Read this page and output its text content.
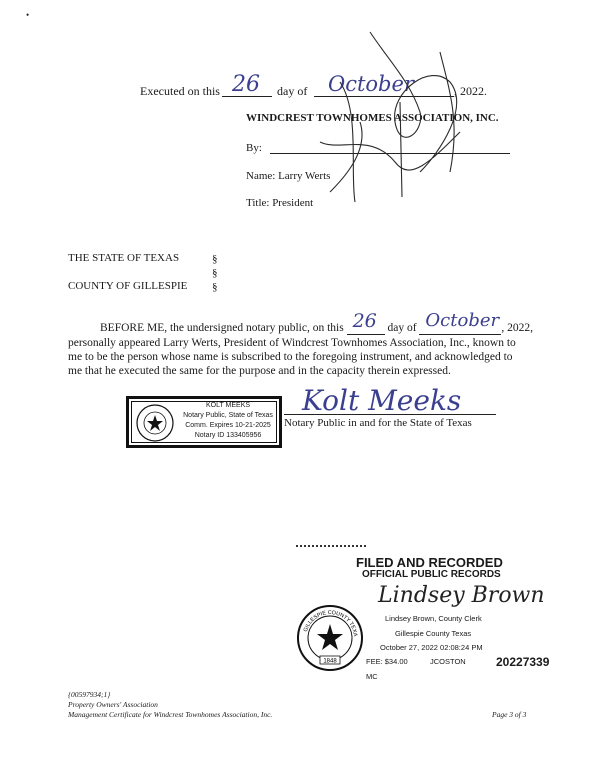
•
Executed on this 26 day of October	, 2022.
WINDCREST TOWNHOMES ASSOCIATION, INC.
By:
Name: Larry Werts
Title: President
THE STATE OF TEXAS
COUNTY OF GILLESPIE
§
§
§
BEFORE ME, the undersigned notary public, on this 26 day of October , 2022,
personally appeared Larry Werts, President of Windcrest Townhomes Association, Inc., known to
me to be the person whose name is subscribed to the foregoing instrument, and acknowledged to
me that he executed the same for the purpose and in the capacity therein expressed.
KOLT MEEKS
Notary Public, State of Texas
Comm. Expires 10-21-2025
Notary ID 133405956
Kolt Meeks
Notary Public in and for the State of Texas
FILED AND RECORDED
OFFICIAL PUBLIC RECORDS
Lindsey Brown
Lindsey Brown, County Clerk
Gillespie County Texas
October 27, 2022 02:08:24 PM
FEE: $34.00	JCOSTON	20227339
MC
1848
GILLESPIE COUNTY TEXA
{00597934;1}
Property Owners' Association
Management Certificate for Windcrest Townhomes Association, Inc.	Page 3 of 3
